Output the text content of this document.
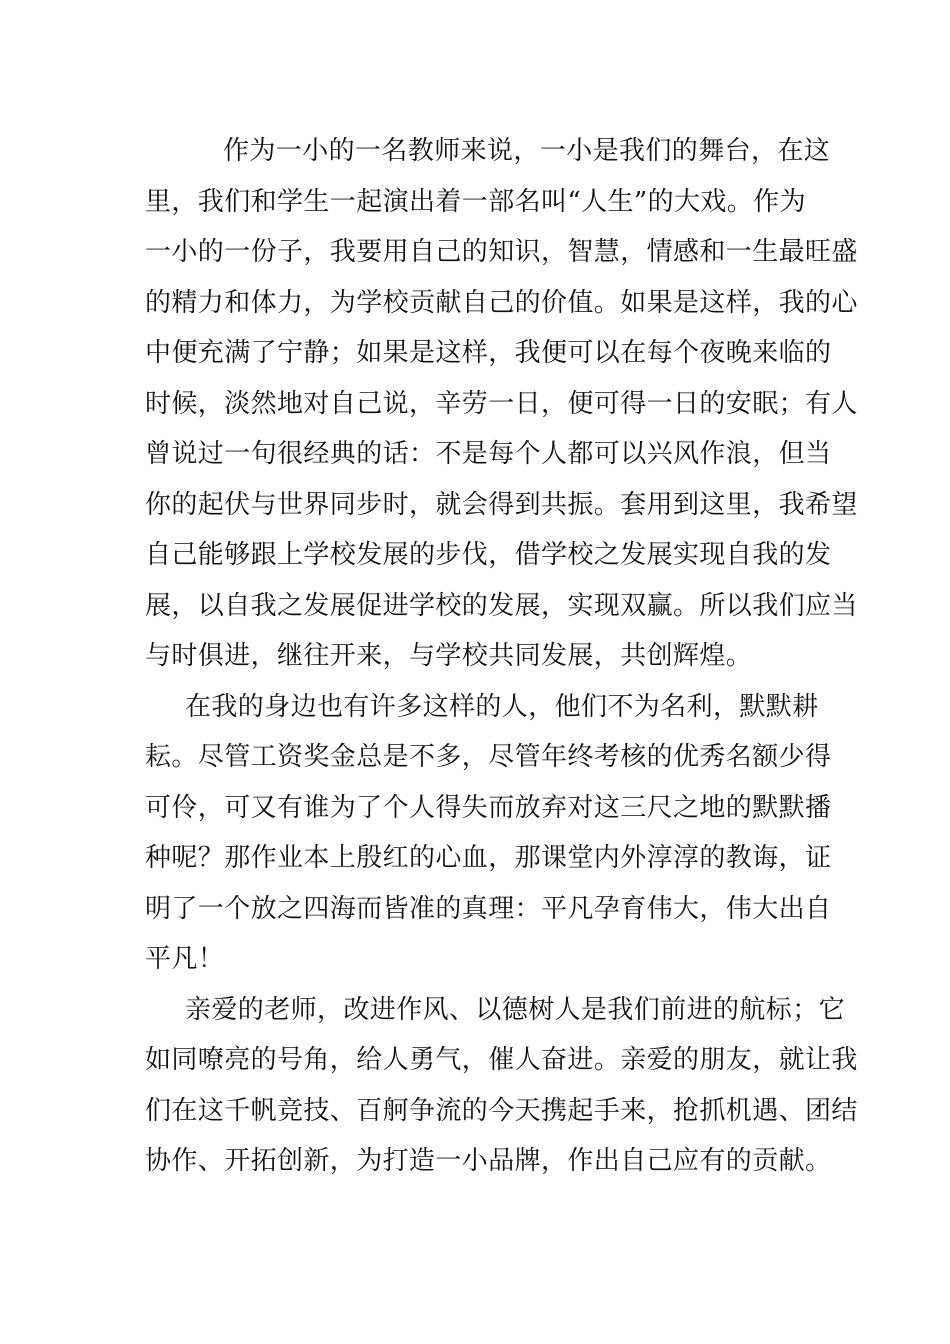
作为一小的一名教师来说，一小是我们的舞台，在这
里，我们和学生一起演出着一部名叫“人生”的大戏。作为
一小的一份子，我要用自己的知识，智慧，情感和一生最旺盛
的精力和体力，为学校贡献自己的价值。如果是这样，我的心
中便充满了宁静；如果是这样，我便可以在每个夜晚来临的
时候，淡然地对自己说，辛劳一日，便可得一日的安眠；有人
曾说过一句很经典的话：不是每个人都可以兴风作浪，但当
你的起伏与世界同步时，就会得到共振。套用到这里，我希望
自己能够跟上学校发展的步伐，借学校之发展实现自我的发
展，以自我之发展促进学校的发展，实现双赢。所以我们应当
与时俱进，继往开来，与学校共同发展，共创辉煌。
在我的身边也有许多这样的人，他们不为名利，默默耕
耘。尽管工资奖金总是不多，尽管年终考核的优秀名额少得
可伶，可又有谁为了个人得失而放弃对这三尺之地的默默播
种呢？那作业本上殷红的心血，那课堂内外淳淳的教诲，证
明了一个放之四海而皆准的真理：平凡孕育伟大，伟大出自
平凡！
亲爱的老师，改进作风、以德树人是我们前进的航标；它
如同嘹亮的号角，给人勇气，催人奋进。亲爱的朋友，就让我
们在这千帆竞技、百舸争流的今天携起手来，抢抓机遇、团结
协作、开拓创新，为打造一小品牌，作出自己应有的贡献。
